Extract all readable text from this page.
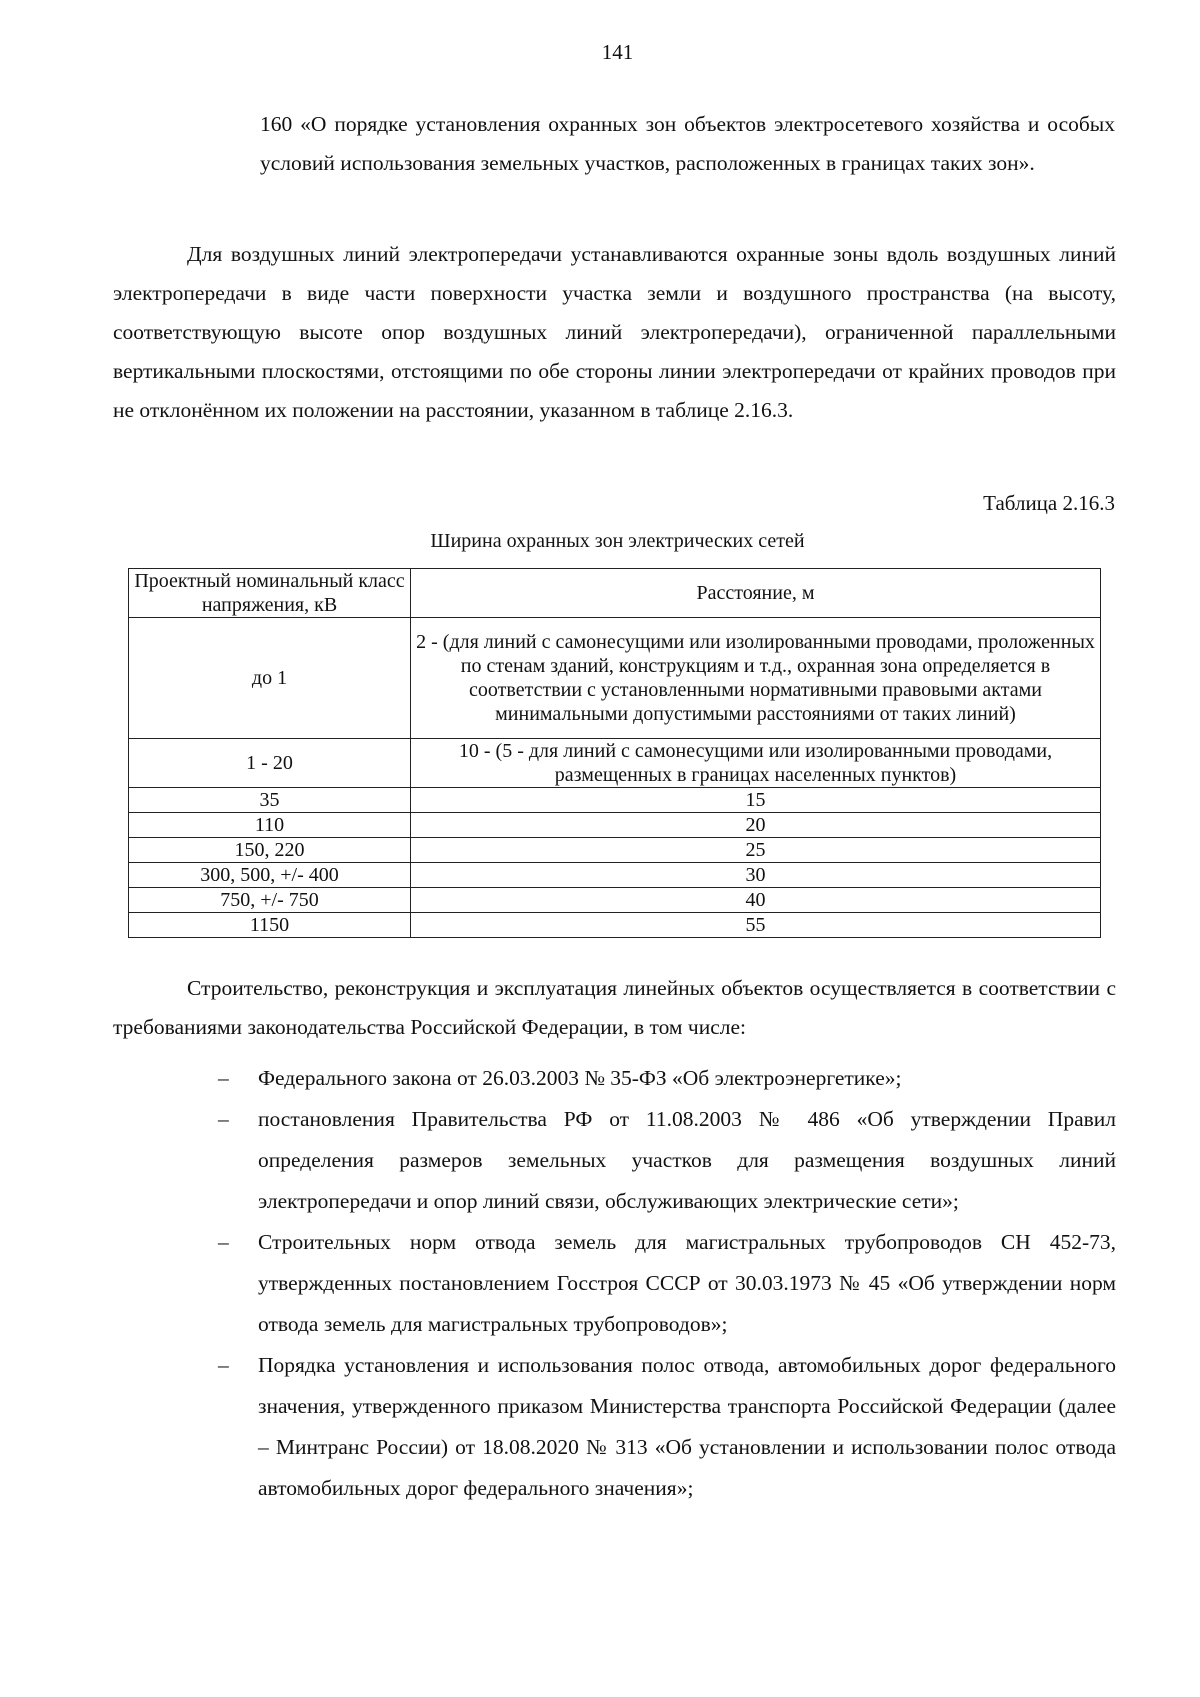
141
160 «О порядке установления охранных зон объектов электросетевого хозяйства и особых условий использования земельных участков, расположенных в границах таких зон».
Для воздушных линий электропередачи устанавливаются охранные зоны вдоль воздушных линий электропередачи в виде части поверхности участка земли и воздушного пространства (на высоту, соответствующую высоте опор воздушных линий электропередачи), ограниченной параллельными вертикальными плоскостями, отстоящими по обе стороны линии электропередачи от крайних проводов при не отклонённом их положении на расстоянии, указанном в таблице 2.16.3.
Таблица 2.16.3
Ширина охранных зон электрических сетей
Проектный номинальный класс напряжения, кВ	Расстояние, м
до 1	2 - (для линий с самонесущими или изолированными проводами, проложенных по стенам зданий, конструкциям и т.д., охранная зона определяется в соответствии с установленными нормативными правовыми актами минимальными допустимыми расстояниями от таких линий)
1 - 20	10 - (5 - для линий с самонесущими или изолированными проводами, размещенных в границах населенных пунктов)
35	15
110	20
150, 220	25
300, 500, +/- 400	30
750, +/- 750	40
1150	55
Строительство, реконструкция и эксплуатация линейных объектов осуществляется в соответствии с требованиями законодательства Российской Федерации, в том числе:
– Федерального закона от 26.03.2003 № 35-ФЗ «Об электроэнергетике»;
– постановления Правительства РФ от 11.08.2003 № 486 «Об утверждении Правил определения размеров земельных участков для размещения воздушных линий электропередачи и опор линий связи, обслуживающих электрические сети»;
– Строительных норм отвода земель для магистральных трубопроводов СН 452-73, утвержденных постановлением Госстроя СССР от 30.03.1973 № 45 «Об утверждении норм отвода земель для магистральных трубопроводов»;
– Порядка установления и использования полос отвода, автомобильных дорог федерального значения, утвержденного приказом Министерства транспорта Российской Федерации (далее – Минтранс России) от 18.08.2020 № 313 «Об установлении и использовании полос отвода автомобильных дорог федерального значения»;
